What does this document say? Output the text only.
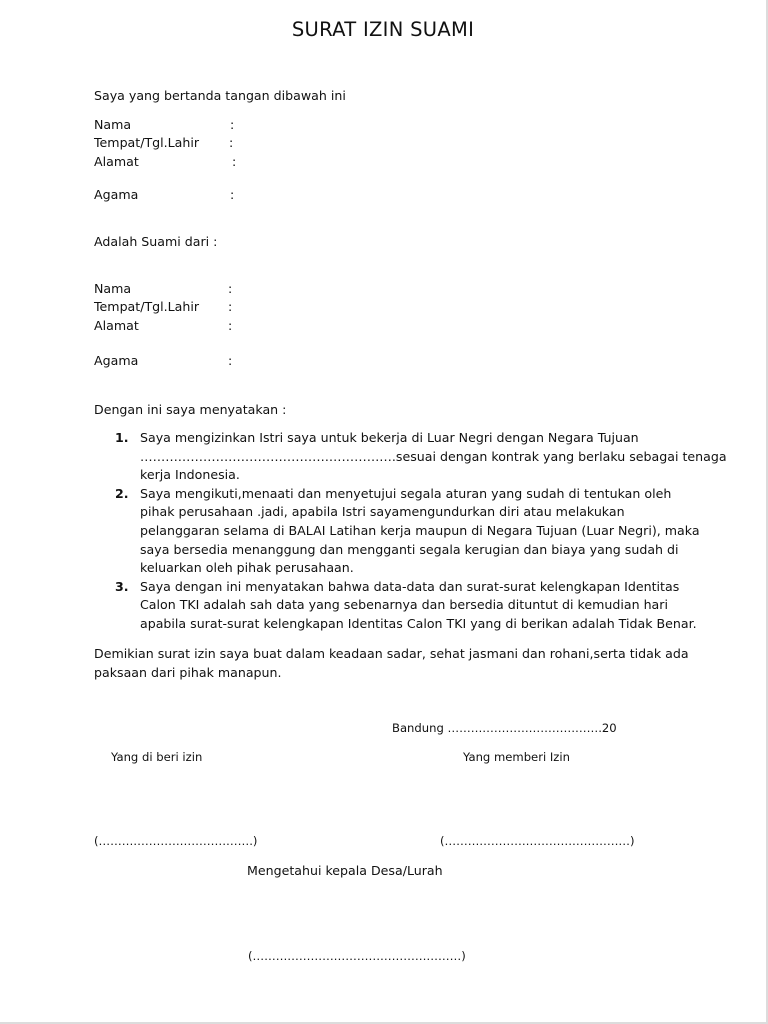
SURAT IZIN SUAMI
Saya yang bertanda tangan dibawah ini
Nama	:
Tempat/Tgl.Lahir :
Alamat	:
Agama	:
Adalah Suami dari :
Nama	:
Tempat/Tgl.Lahir :
Alamat	:
Agama	:
Dengan ini saya menyatakan :
1. Saya mengizinkan Istri saya untuk bekerja di Luar Negri dengan Negara Tujuan
…………………………………………………….sesuai dengan kontrak yang berlaku sebagai tenaga
kerja Indonesia.
2. Saya mengikuti,menaati dan menyetujui segala aturan yang sudah di tentukan oleh
pihak perusahaan .jadi, apabila Istri sayamengundurkan diri atau melakukan
pelanggaran selama di BALAI Latihan kerja maupun di Negara Tujuan (Luar Negri), maka
saya bersedia menanggung dan mengganti segala kerugian dan biaya yang sudah di
keluarkan oleh pihak perusahaan.
3. Saya dengan ini menyatakan bahwa data-data dan surat-surat kelengkapan Identitas
Calon TKI adalah sah data yang sebenarnya dan bersedia dituntut di kemudian hari
apabila surat-surat kelengkapan Identitas Calon TKI yang di berikan adalah Tidak Benar.
Demikian surat izin saya buat dalam keadaan sadar, sehat jasmani dan rohani,serta tidak ada
paksaan dari pihak manapun.
Bandung ………………………………….20
Yang di beri izin	Yang memberi Izin
(………………………………….)	(…………………………………………)
Mengetahui kepala Desa/Lurah
(………………………………………………)
